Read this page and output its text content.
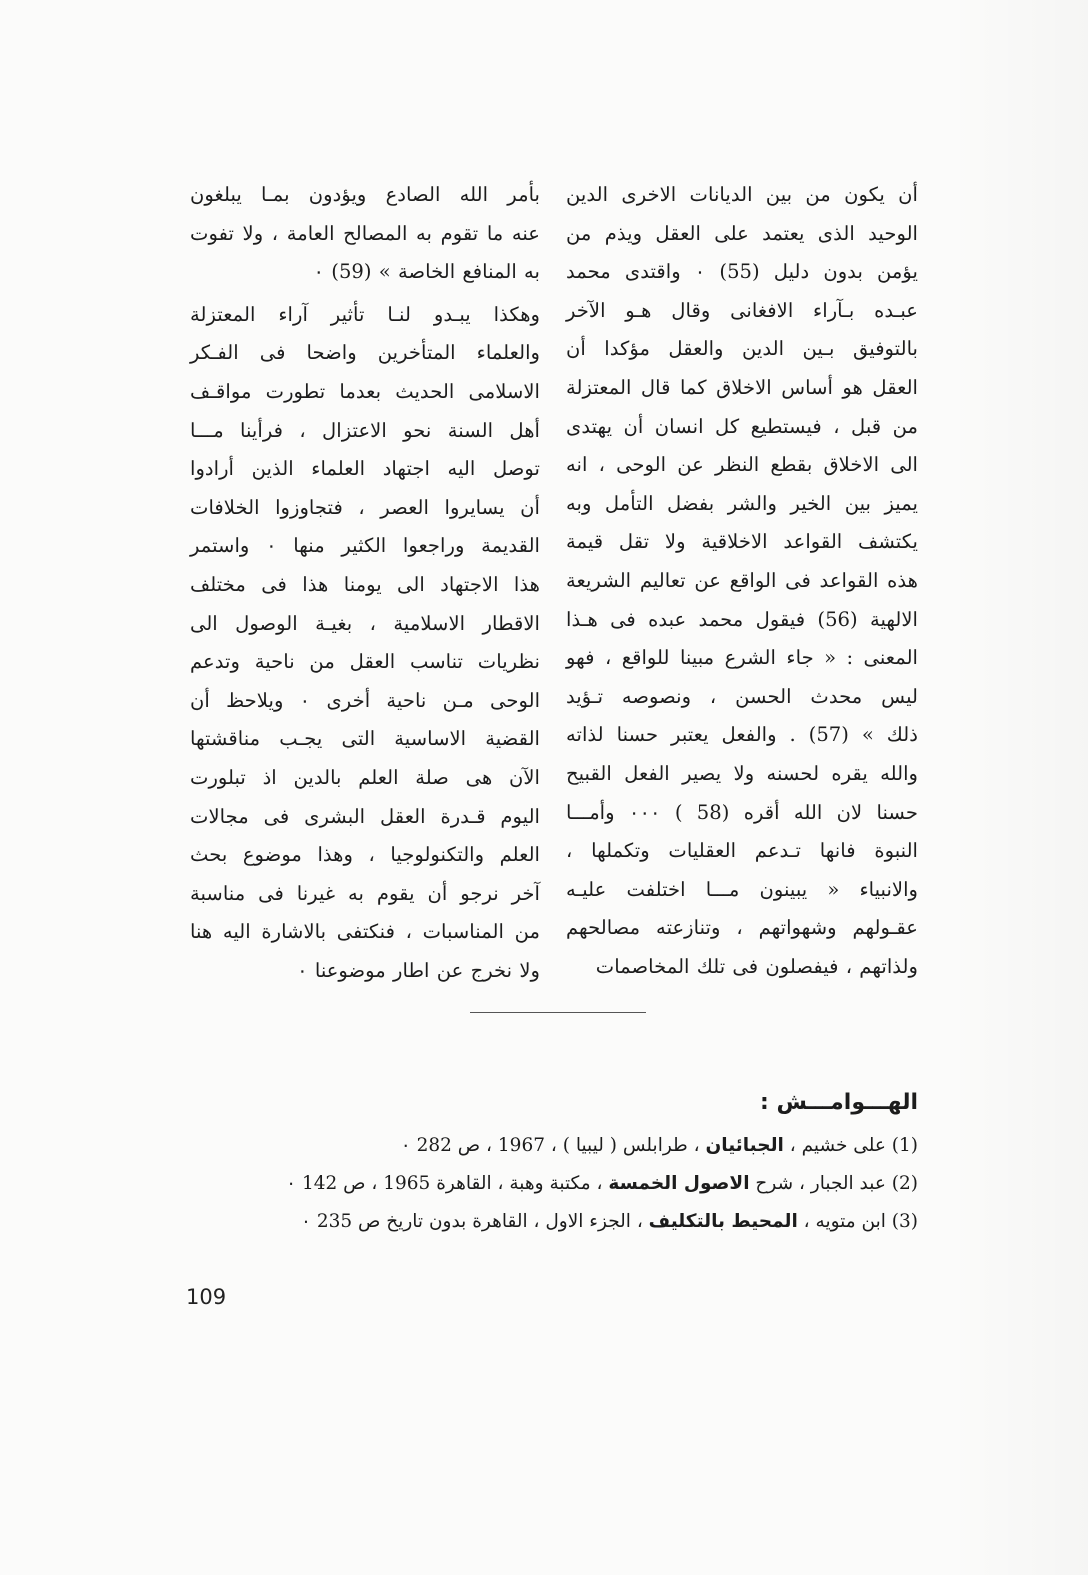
أن يكون من بين الديانات الاخرى الدين
الوحيد الذى يعتمد على العقل ويذم من
يؤمن بدون دليل (55) ٠ واقتدى محمد
عبـده بـآراء الافغانى وقال هـو الآخر
بالتوفيق بـين الدين والعقل مؤكدا أن
العقل هو أساس الاخلاق كما قال المعتزلة
من قبل ، فيستطيع كل انسان أن يهتدى
الى الاخلاق بقطع النظر عن الوحى ، انه
يميز بين الخير والشر بفضل التأمل وبه
يكتشف القواعد الاخلاقية ولا تقل قيمة
هذه القواعد فى الواقع عن تعاليم الشريعة
الالهية (56) فيقول محمد عبده فى هـذا
المعنى : « جاء الشرع مبينا للواقع ، فهو
ليس محدث الحسن ، ونصوصه تـؤيد
ذلك » (57) . والفعل يعتبر حسنا لذاته
والله يقره لحسنه ولا يصير الفعل القبيح
حسنا لان الله أقره (58 ) ٠٠٠ وأمـــا
النبوة فانها تـدعم العقليات وتكملها ،
والانبياء « يبينون مـــا اختلفت عليـه
عقـولهم وشهواتهم ، وتنازعته مصالحهم
ولذاتهم ، فيفصلون فى تلك المخاصمات
بأمر الله الصادع ويؤدون بمـا يبلغون
عنه ما تقوم به المصالح العامة ، ولا تفوت
به المنافع الخاصة » (59) ٠
وهكذا يبـدو لنـا تأثير آراء المعتزلة
والعلماء المتأخرين واضحا فى الفـكر
الاسلامى الحديث بعدما تطورت مواقـف
أهل السنة نحو الاعتزال ، فرأينا مـــا
توصل اليه اجتهاد العلماء الذين أرادوا
أن يسايروا العصر ، فتجاوزوا الخلافات
القديمة وراجعوا الكثير منها ٠ واستمر
هذا الاجتهاد الى يومنا هذا فى مختلف
الاقطار الاسلامية ، بغيـة الوصول الى
نظريات تناسب العقل من ناحية وتدعم
الوحى مـن ناحية أخرى ٠ ويلاحظ أن
القضية الاساسية التى يجـب مناقشتها
الآن هى صلة العلم بالدين اذ تبلورت
اليوم قـدرة العقل البشرى فى مجالات
العلم والتكنولوجيا ، وهذا موضوع بحث
آخر نرجو أن يقوم به غيرنا فى مناسبة
من المناسبات ، فنكتفى بالاشارة اليه هنا
ولا نخرج عن اطار موضوعنا ٠
الهـــوامـــش :
(1) على خشيم ، الجبائيان ، طرابلس ( ليبيا ) ، 1967 ، ص 282 ٠
(2) عبد الجبار ، شرح الاصول الخمسة ، مكتبة وهبة ، القاهرة 1965 ، ص 142 ٠
(3) ابن متويه ، المحيط بالتكليف ، الجزء الاول ، القاهرة بدون تاريخ ص 235 ٠
109
